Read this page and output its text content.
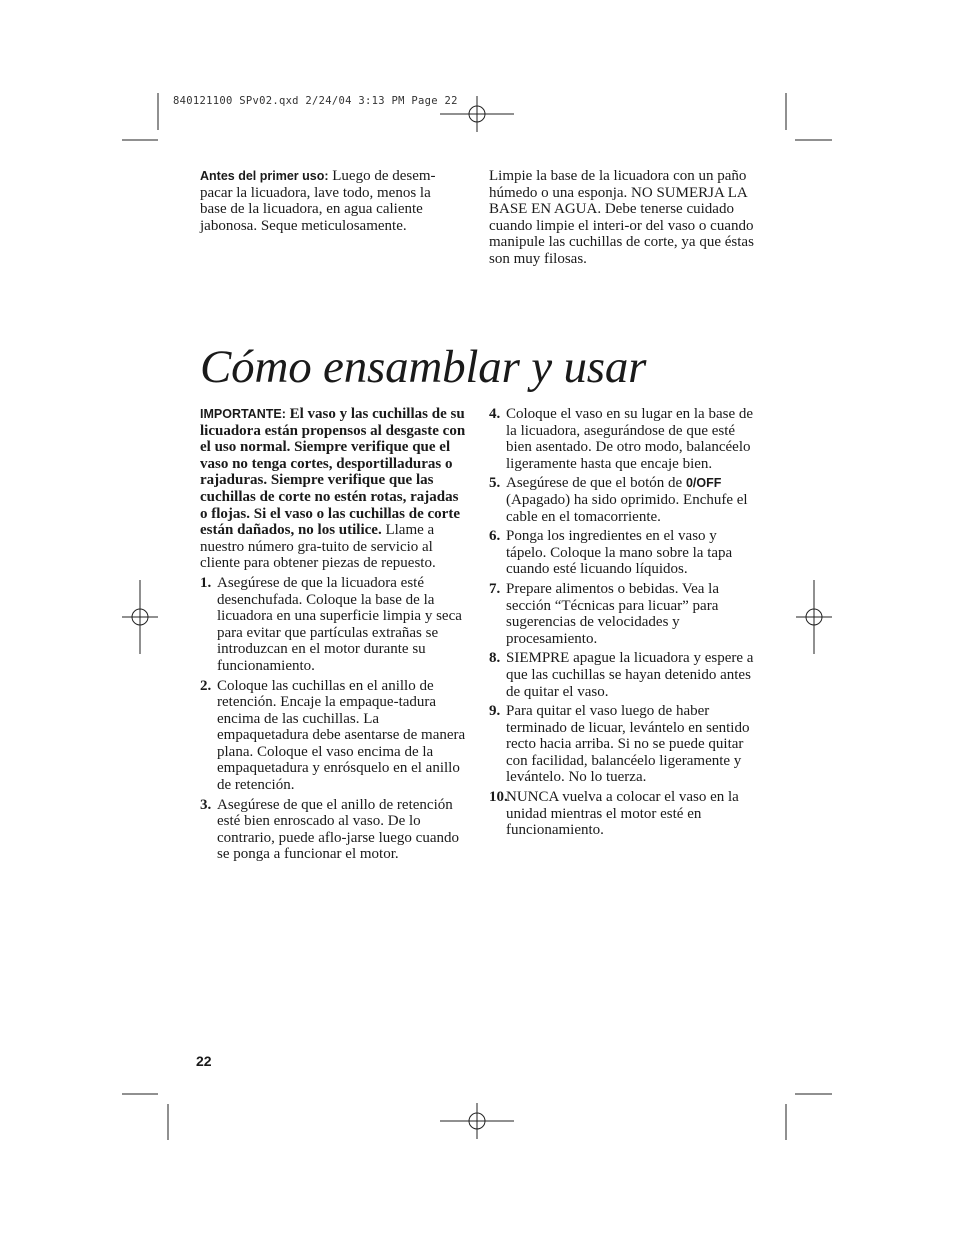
840121100 SPv02.qxd 2/24/04 3:13 PM Page 22
Antes del primer uso: Luego de desem-pacar la licuadora, lave todo, menos la base de la licuadora, en agua caliente jabonosa. Seque meticulosamente.
Limpie la base de la licuadora con un paño húmedo o una esponja. NO SUMERJA LA BASE EN AGUA. Debe tenerse cuidado cuando limpie el interi-or del vaso o cuando manipule las cuchillas de corte, ya que éstas son muy filosas.
Cómo ensamblar y usar
IMPORTANTE: El vaso y las cuchillas de su licuadora están propensos al desgaste con el uso normal. Siempre verifique que el vaso no tenga cortes, desportilladuras o rajaduras. Siempre verifique que las cuchillas de corte no estén rotas, rajadas o flojas. Si el vaso o las cuchillas de corte están dañados, no los utilice. Llame a nuestro número gra-tuito de servicio al cliente para obtener piezas de repuesto.
1. Asegúrese de que la licuadora esté desenchufada. Coloque la base de la licuadora en una superficie limpia y seca para evitar que partículas extrañas se introduzcan en el motor durante su funcionamiento.
2. Coloque las cuchillas en el anillo de retención. Encaje la empaque-tadura encima de las cuchillas. La empaquetadura debe asentarse de manera plana. Coloque el vaso encima de la empaquetadura y enrósquelo en el anillo de retención.
3. Asegúrese de que el anillo de retención esté bien enroscado al vaso. De lo contrario, puede aflo-jarse luego cuando se ponga a funcionar el motor.
4. Coloque el vaso en su lugar en la base de la licuadora, asegurándose de que esté bien asentado. De otro modo, balancéelo ligeramente hasta que encaje bien.
5. Asegúrese de que el botón de 0/OFF (Apagado) ha sido oprimido. Enchufe el cable en el tomacorriente.
6. Ponga los ingredientes en el vaso y tápelo. Coloque la mano sobre la tapa cuando esté licuando líquidos.
7. Prepare alimentos o bebidas. Vea la sección “Técnicas para licuar” para sugerencias de velocidades y procesamiento.
8. SIEMPRE apague la licuadora y espere a que las cuchillas se hayan detenido antes de quitar el vaso.
9. Para quitar el vaso luego de haber terminado de licuar, levántelo en sentido recto hacia arriba. Si no se puede quitar con facilidad, balancéelo ligeramente y levántelo. No lo tuerza.
10.
NUNCA vuelva a colocar el vaso en la unidad mientras el motor esté en funcionamiento.
22
